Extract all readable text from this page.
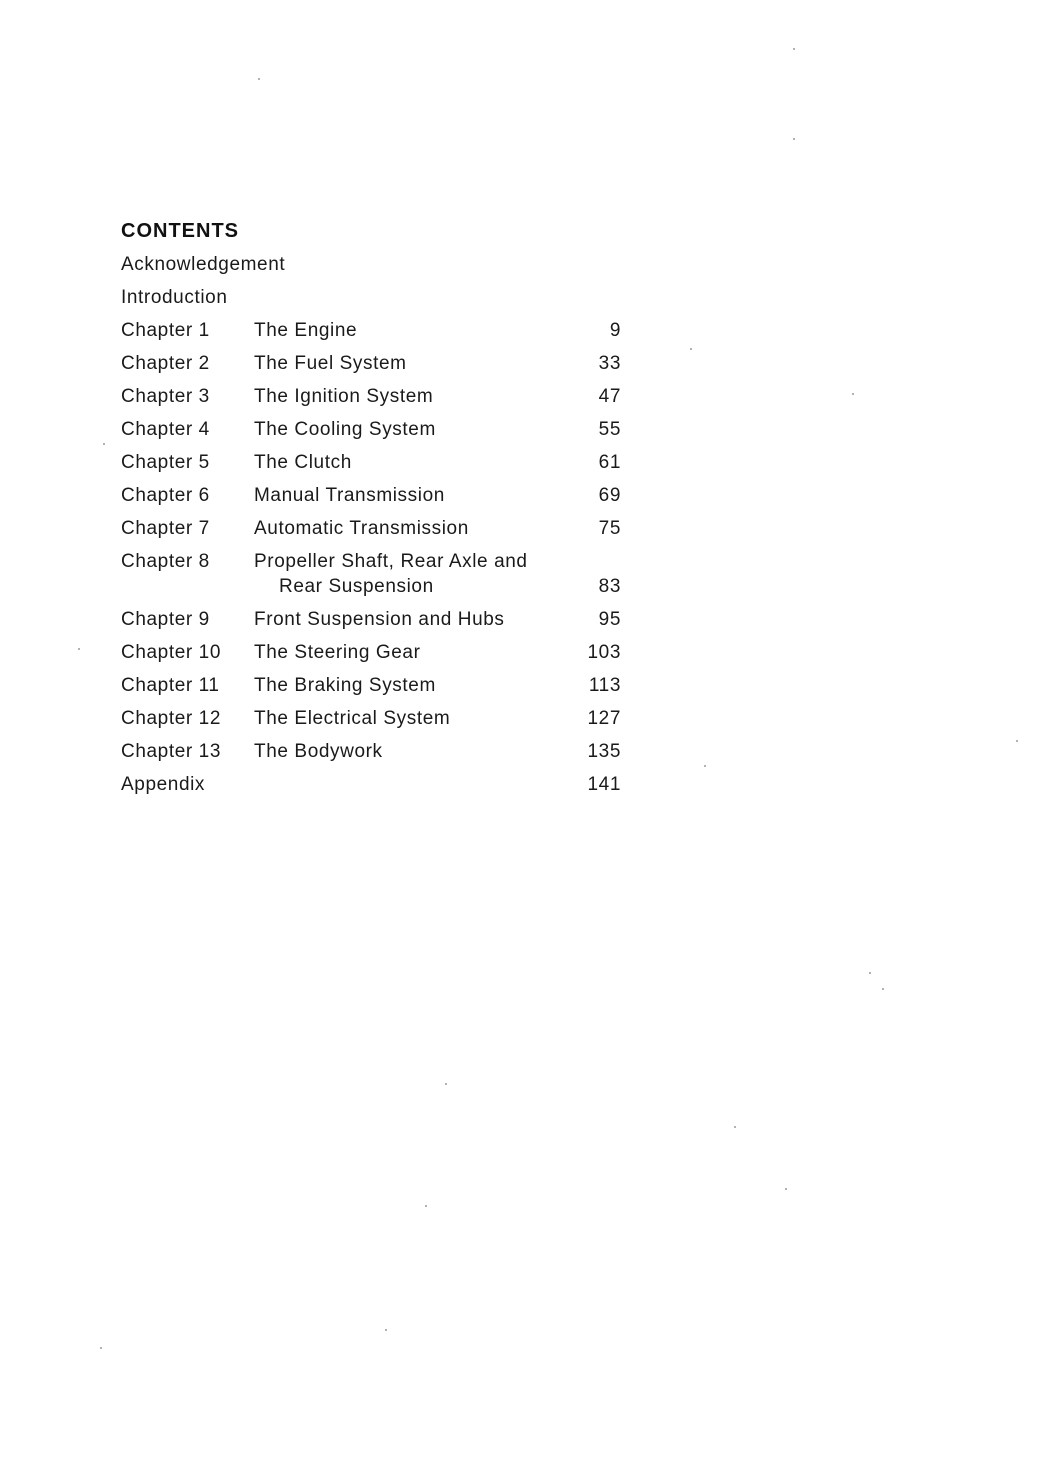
CONTENTS
Acknowledgement
Introduction
Chapter 1	The Engine	9
Chapter 2	The Fuel System	33
Chapter 3	The Ignition System	47
Chapter 4	The Cooling System	55
Chapter 5	The Clutch	61
Chapter 6	Manual Transmission	69
Chapter 7	Automatic Transmission	75
Chapter 8	Propeller Shaft, Rear Axle and
Rear Suspension	83
Chapter 9	Front Suspension and Hubs	95
Chapter 10	The Steering Gear	103
Chapter 11	The Braking System	113
Chapter 12	The Electrical System	127
Chapter 13	The Bodywork	135
Appendix	141
